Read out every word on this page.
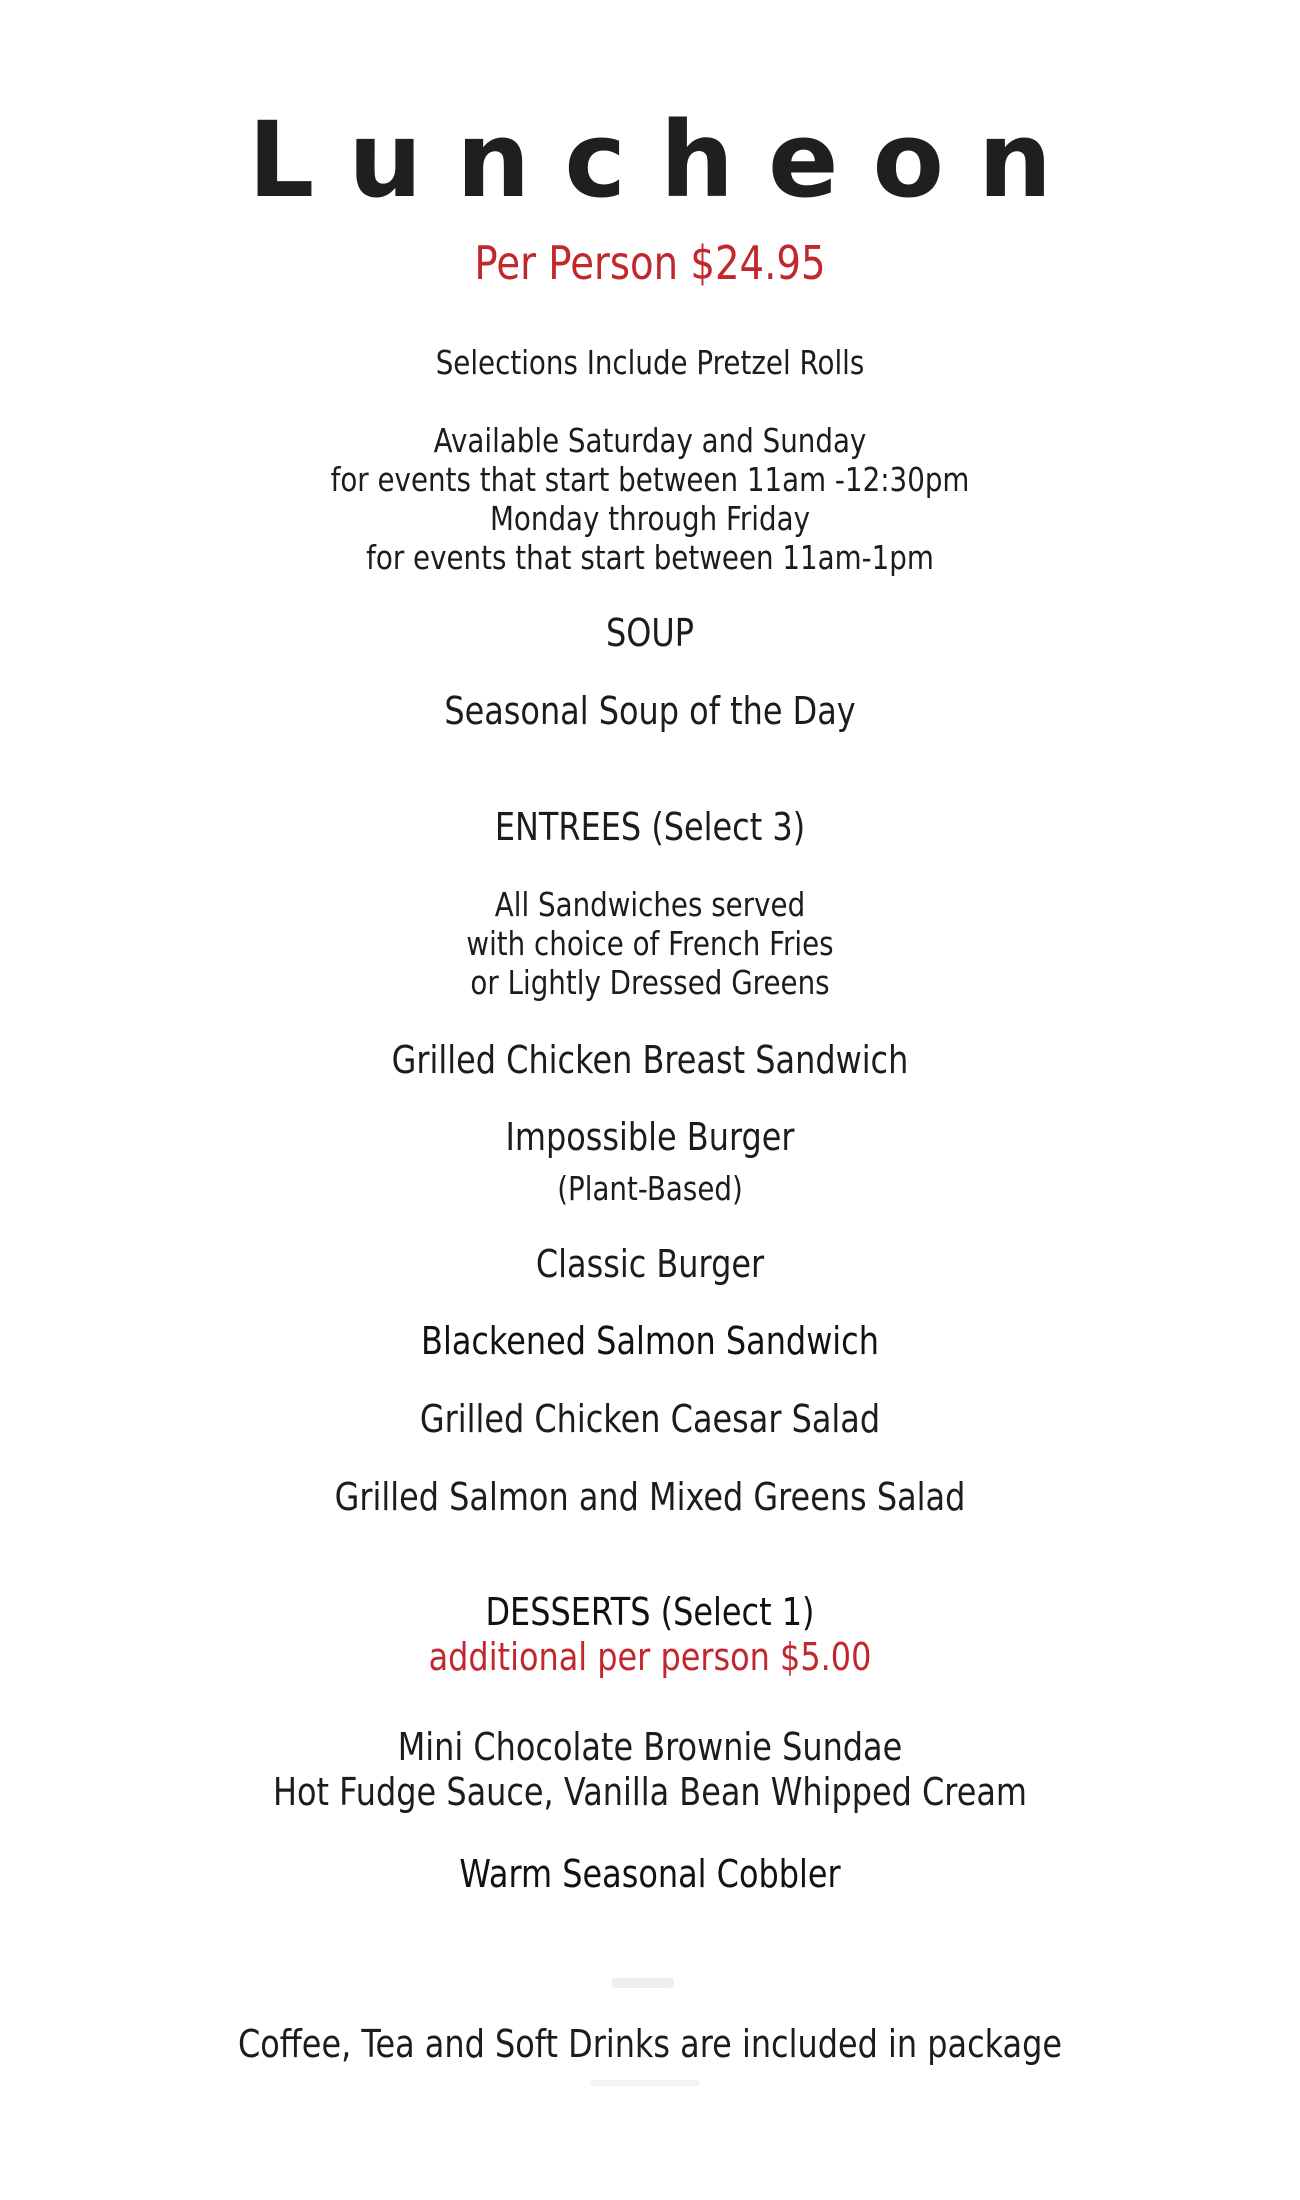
Luncheon
Per Person $24.95
Selections Include Pretzel Rolls
Available Saturday and Sunday
for events that start between 11am -12:30pm
Monday through Friday
for events that start between 11am-1pm
SOUP
Seasonal Soup of the Day
ENTREES (Select 3)
All Sandwiches served
with choice of French Fries
or Lightly Dressed Greens
Grilled Chicken Breast Sandwich
Impossible Burger
(Plant-Based)
Classic Burger
Blackened Salmon Sandwich
Grilled Chicken Caesar Salad
Grilled Salmon and Mixed Greens Salad
DESSERTS (Select 1)
additional per person $5.00
Mini Chocolate Brownie Sundae
Hot Fudge Sauce, Vanilla Bean Whipped Cream
Warm Seasonal Cobbler
Coffee, Tea and Soft Drinks are included in package
